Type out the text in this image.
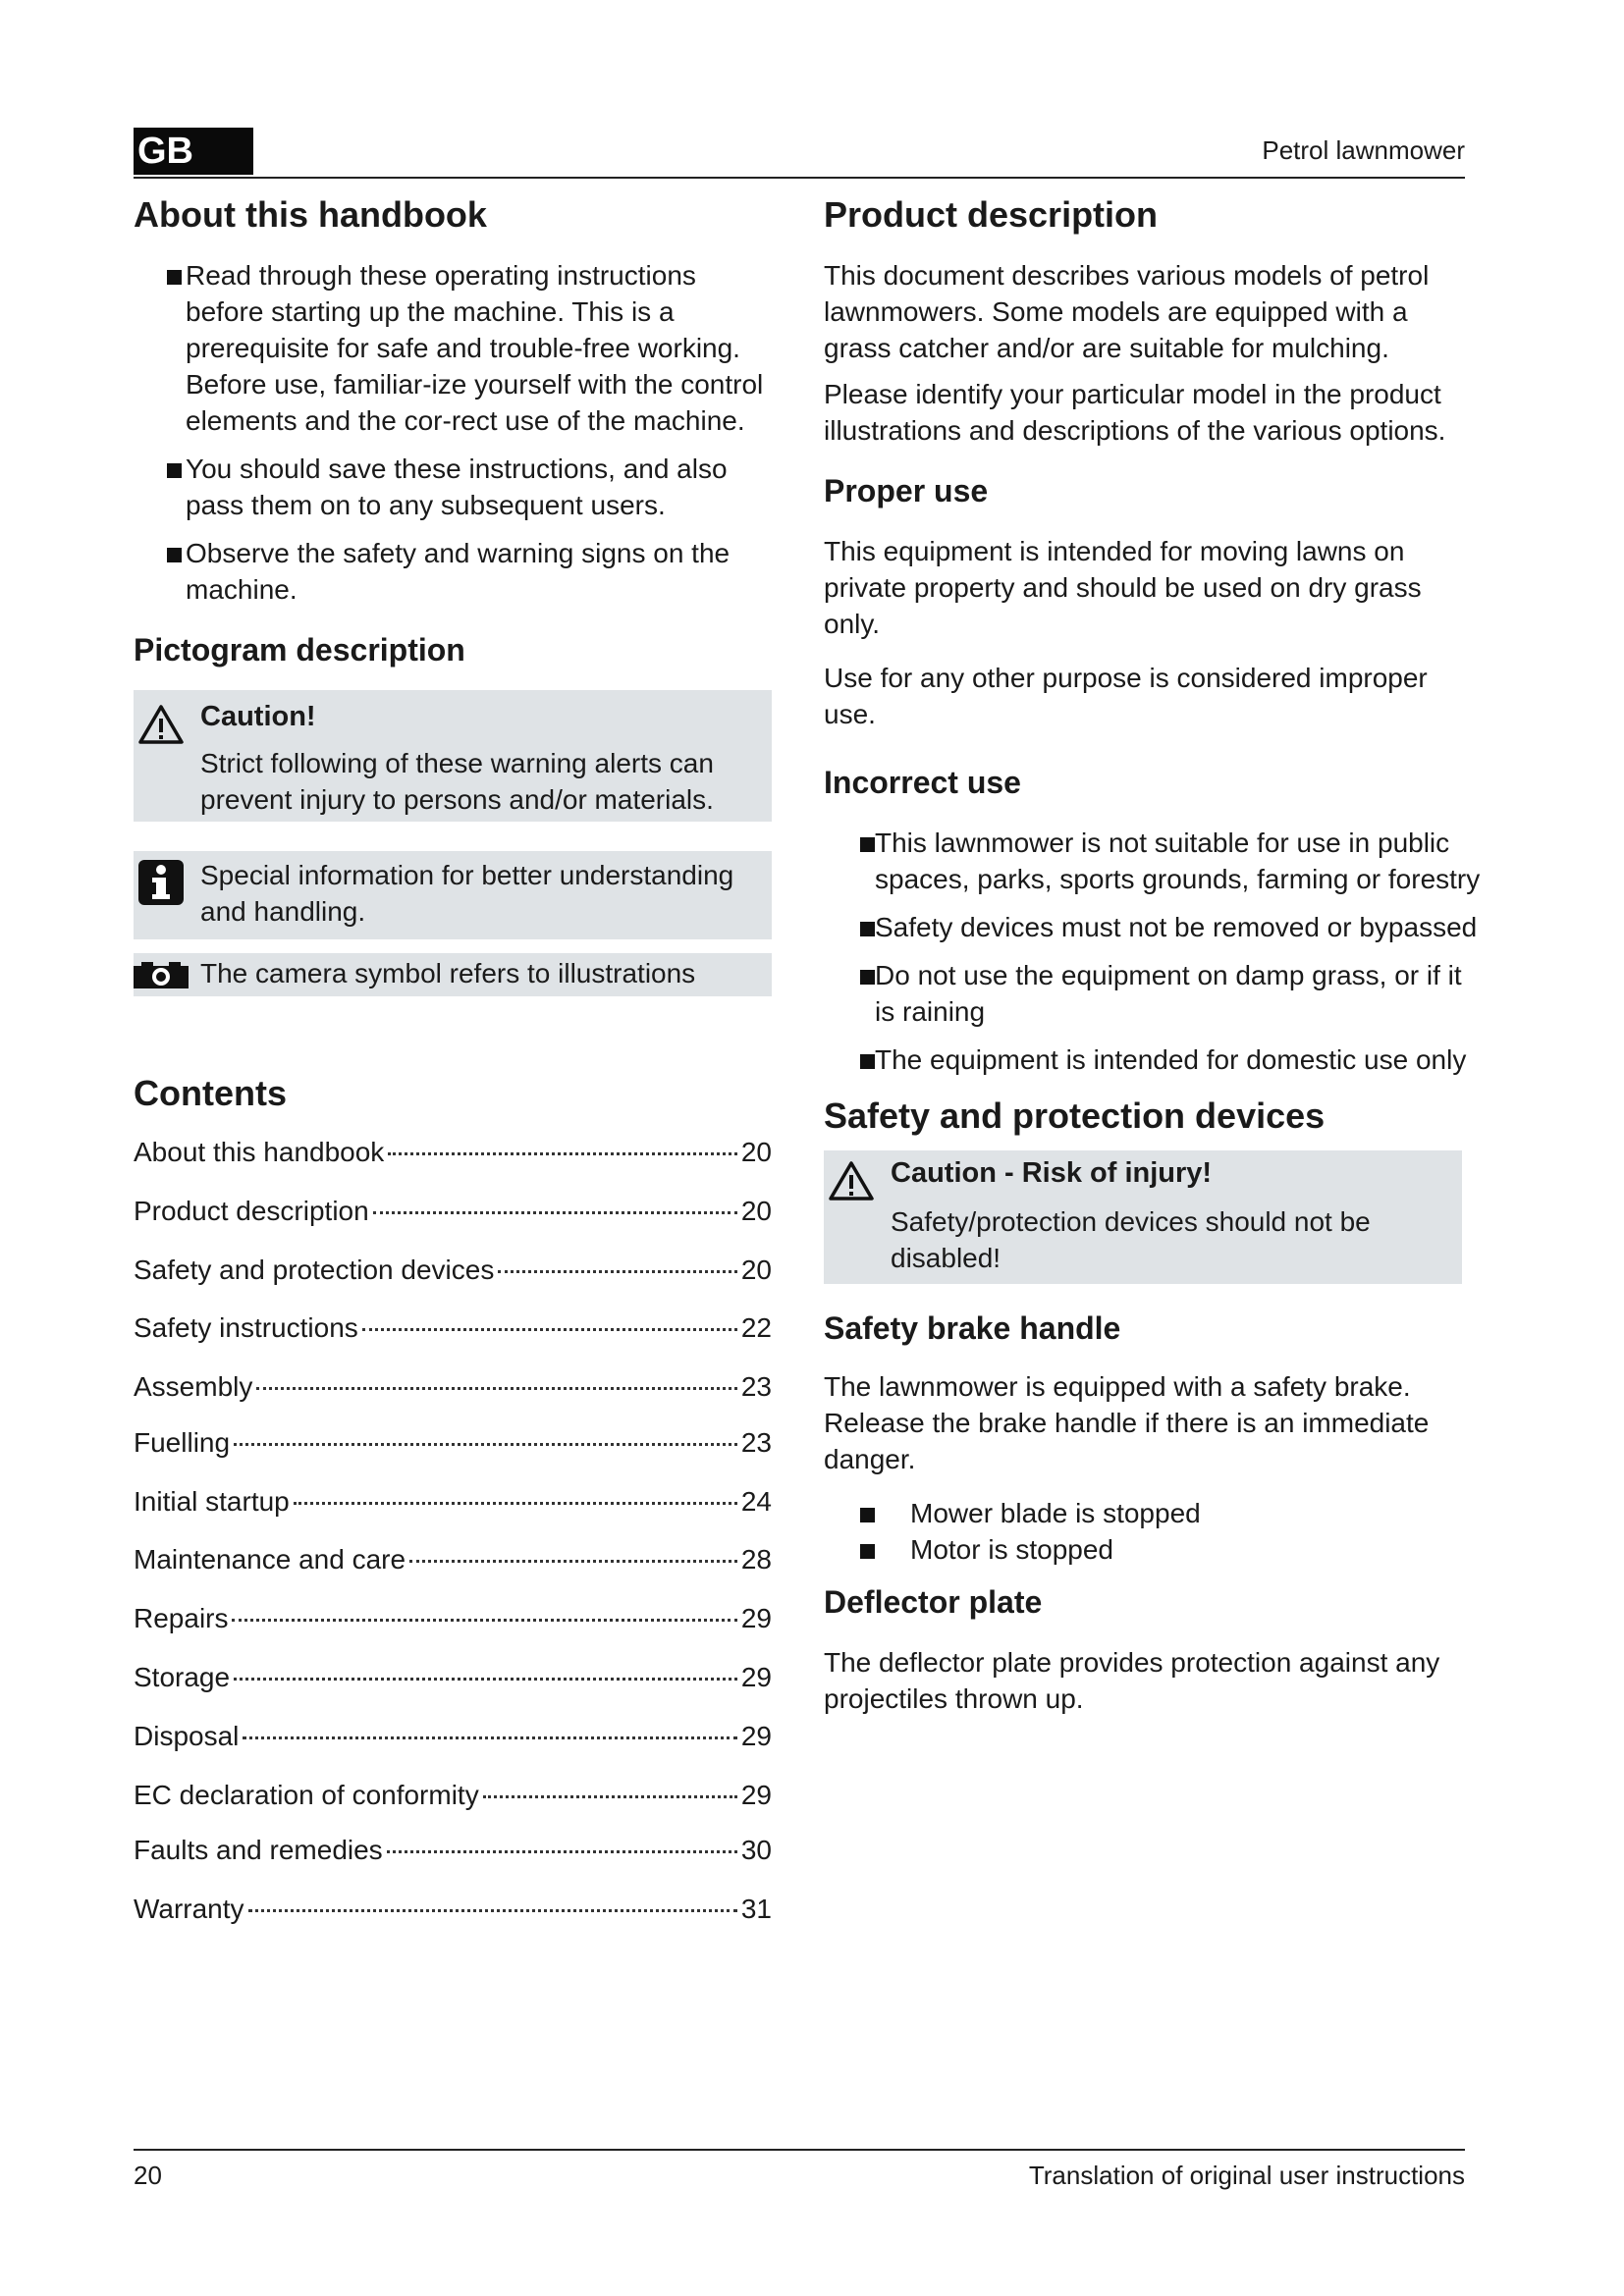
GB	Petrol lawnmower
About this handbook
Read through these operating instructions before starting up the machine. This is a prerequisite for safe and trouble-free working. Before use, familiar-ize yourself with the control elements and the cor-rect use of the machine.
You should save these instructions, and also pass them on to any subsequent users.
Observe the safety and warning signs on the machine.
Pictogram description
Caution!
Strict following of these warning alerts can prevent injury to persons and/or materials.
Special information for better understanding and handling.
The camera symbol refers to illustrations
Contents
About this handbook	20
Product description	20
Safety and protection devices	20
Safety instructions	22
Assembly	23
Fuelling	23
Initial startup	24
Maintenance and care	28
Repairs	29
Storage	29
Disposal	29
EC declaration of conformity	29
Faults and remedies	30
Warranty	31
Product description

This document describes various models of petrol lawnmowers. Some models are equipped with a grass catcher and/or are suitable for mulching.

Please identify your particular model in the product illustrations and descriptions of the various options.

Proper use

This equipment is intended for moving lawns on private property and should be used on dry grass only.

Use for any other purpose is considered improper use.

Incorrect use
This lawnmower is not suitable for use in public spaces, parks, sports grounds, farming or forestry
Safety devices must not be removed or bypassed
Do not use the equipment on damp grass, or if it is raining
The equipment is intended for domestic use only
Safety and protection devices
Caution - Risk of injury!
Safety/protection devices should not be disabled!
Safety brake handle

The lawnmower is equipped with a safety brake. Release the brake handle if there is an immediate danger.

Mower blade is stopped
Motor is stopped
Deflector plate

The deflector plate provides protection against any projectiles thrown up.

20	Translation of original user instructions
